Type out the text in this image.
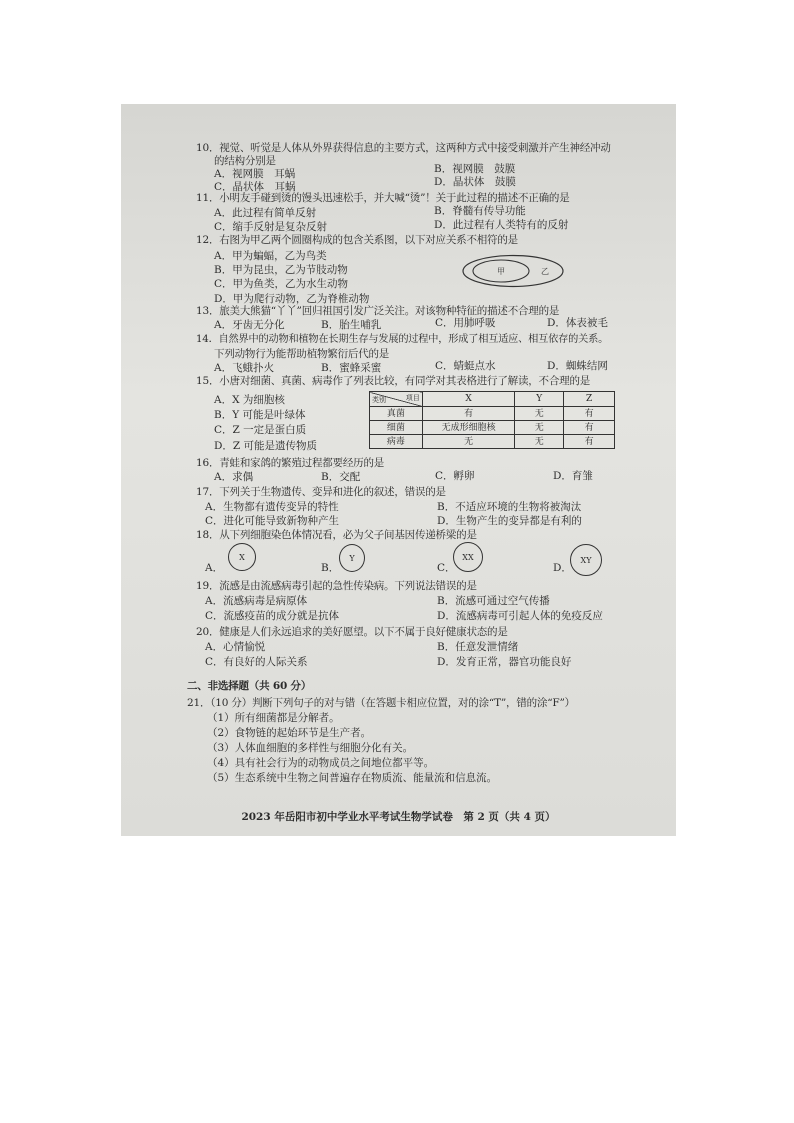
10．视觉、听觉是人体从外界获得信息的主要方式，这两种方式中接受刺激并产生神经冲动
的结构分别是
A．视网膜　耳蜗	B．视网膜　鼓膜
C．晶状体　耳蜗	D．晶状体　鼓膜
11．小明友手碰到烫的馒头迅速松手，并大喊“烫”！关于此过程的描述不正确的是
A．此过程有简单反射	B．脊髓有传导功能
C．缩手反射是复杂反射	D．此过程有人类特有的反射
12．右图为甲乙两个圆圈构成的包含关系图，以下对应关系不相符的是
A．甲为蝙蝠，乙为鸟类
B．甲为昆虫，乙为节肢动物
C．甲为鱼类，乙为水生动物
D．甲为爬行动物，乙为脊椎动物
甲	乙
13．旅美大熊猫“丫丫”回归祖国引发广泛关注。对该物种特征的描述不合理的是
A．牙齿无分化	B．胎生哺乳	C．用肺呼吸	D．体表被毛
14．自然界中的动物和植物在长期生存与发展的过程中，形成了相互适应、相互依存的关系。
下列动物行为能帮助植物繁衍后代的是
A．飞蛾扑火	B．蜜蜂采蜜	C．蜻蜓点水	D．蜘蛛结网
15．小唐对细菌、真菌、病毒作了列表比较，有同学对其表格进行了解读，不合理的是
A．X 为细胞核
B．Y 可能是叶绿体
C．Z 一定是蛋白质
D．Z 可能是遗传物质
项目
类别	X	Y	Z
真菌	有	无	有
细菌	无成形细胞核	无	有
病毒	无	无	有
16．青蛙和家鸽的繁殖过程都要经历的是
A．求偶	B．交配	C．孵卵	D．育雏
17．下列关于生物遗传、变异和进化的叙述，错误的是
A．生物都有遗传变异的特性	B．不适应环境的生物将被淘汰
C．进化可能导致新物种产生	D．生物产生的变异都是有利的
18．从下列细胞染色体情况看，必为父子间基因传递桥梁的是
A．
X
B．
Y
C．
XX
D．
XY
19．流感是由流感病毒引起的急性传染病。下列说法错误的是
A．流感病毒是病原体	B．流感可通过空气传播
C．流感疫苗的成分就是抗体	D．流感病毒可引起人体的免疫反应
20．健康是人们永远追求的美好愿望。以下不属于良好健康状态的是
A．心情愉悦	B．任意发泄情绪
C．有良好的人际关系	D．发育正常，器官功能良好
二、非选择题（共 60 分）
21．（10 分）判断下列句子的对与错（在答题卡相应位置，对的涂“T”，错的涂“F”）
（1）所有细菌都是分解者。
（2）食物链的起始环节是生产者。
（3）人体血细胞的多样性与细胞分化有关。
（4）具有社会行为的动物成员之间地位都平等。
（5）生态系统中生物之间普遍存在物质流、能量流和信息流。
2023 年岳阳市初中学业水平考试生物学试卷　第 2 页（共 4 页）
